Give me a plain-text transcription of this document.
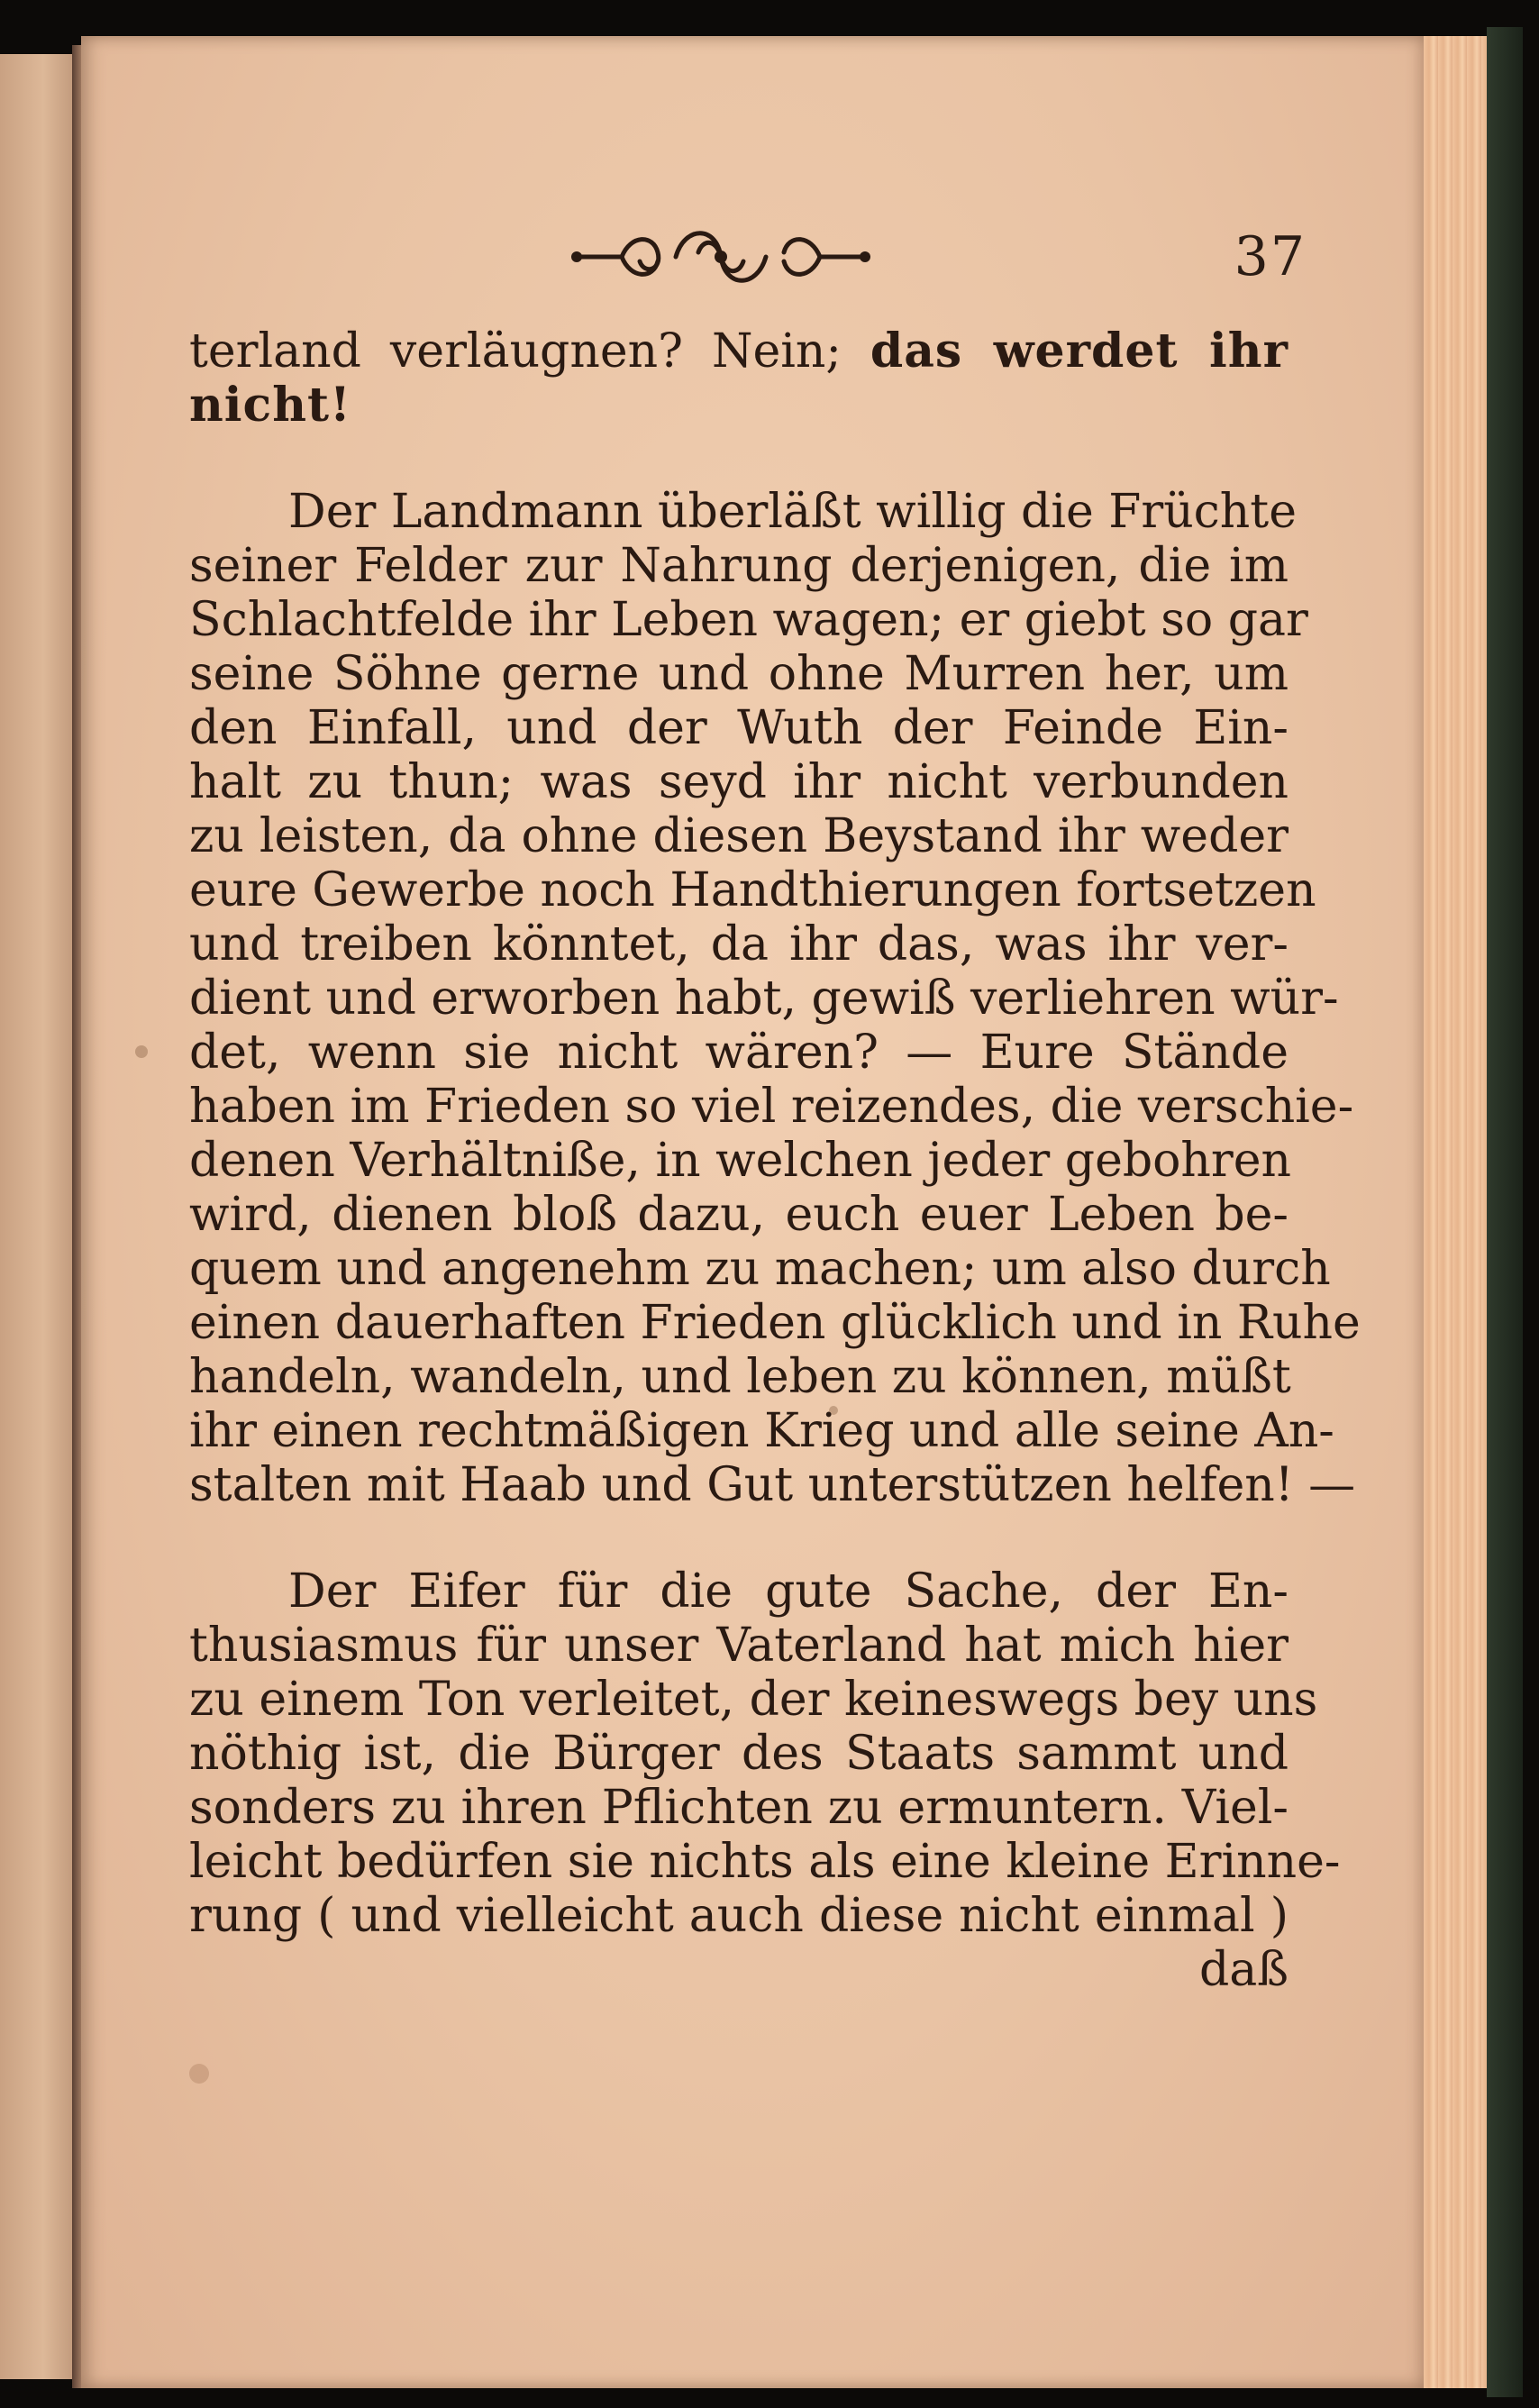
37
terland verläugnen? Nein; das werdet ihr
nicht!
Der Landmann überläßt willig die Früchte
seiner Felder zur Nahrung derjenigen, die im
Schlachtfelde ihr Leben wagen; er giebt so gar
seine Söhne gerne und ohne Murren her, um
den Einfall, und der Wuth der Feinde Ein-
halt zu thun; was seyd ihr nicht verbunden
zu leisten, da ohne diesen Beystand ihr weder
eure Gewerbe noch Handthierungen fortsetzen
und treiben könntet, da ihr das, was ihr ver-
dient und erworben habt, gewiß verliehren wür-
det, wenn sie nicht wären? — Eure Stände
haben im Frieden so viel reizendes, die verschie-
denen Verhältniße, in welchen jeder gebohren
wird, dienen bloß dazu, euch euer Leben be-
quem und angenehm zu machen; um also durch
einen dauerhaften Frieden glücklich und in Ruhe
handeln, wandeln, und leben zu können, müßt
ihr einen rechtmäßigen Krieg und alle seine An-
stalten mit Haab und Gut unterstützen helfen! —
Der Eifer für die gute Sache, der En-
thusiasmus für unser Vaterland hat mich hier
zu einem Ton verleitet, der keineswegs bey uns
nöthig ist, die Bürger des Staats sammt und
sonders zu ihren Pflichten zu ermuntern. Viel-
leicht bedürfen sie nichts als eine kleine Erinne-
rung ( und vielleicht auch diese nicht einmal )
daß
